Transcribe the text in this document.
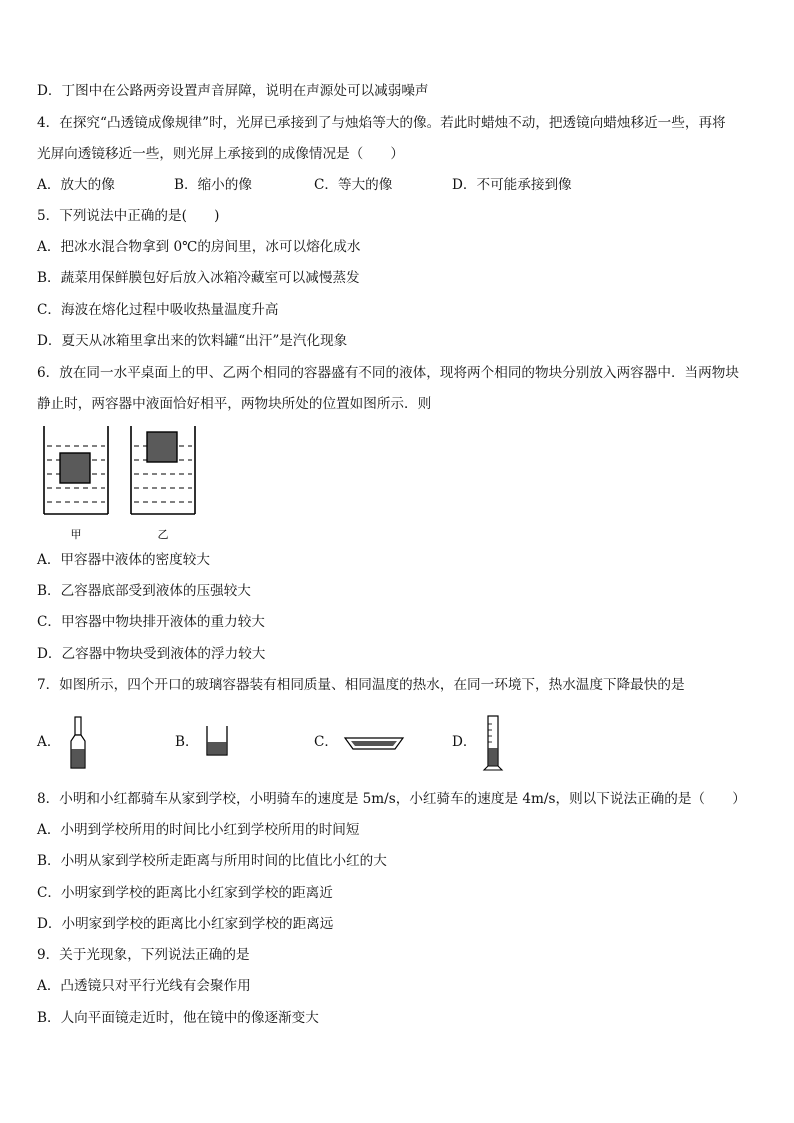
D．丁图中在公路两旁设置声音屏障，说明在声源处可以减弱噪声
4．在探究“凸透镜成像规律”时，光屏已承接到了与烛焰等大的像。若此时蜡烛不动，把透镜向蜡烛移近一些，再将
光屏向透镜移近一些，则光屏上承接到的成像情况是（　　）
A．放大的像	B．缩小的像	C．等大的像	D．不可能承接到像
5．下列说法中正确的是(　　)
A．把冰水混合物拿到 0℃的房间里，冰可以熔化成水
B．蔬菜用保鲜膜包好后放入冰箱冷藏室可以减慢蒸发
C．海波在熔化过程中吸收热量温度升高
D．夏天从冰箱里拿出来的饮料罐“出汗”是汽化现象
6．放在同一水平桌面上的甲、乙两个相同的容器盛有不同的液体，现将两个相同的物块分别放入两容器中．当两物块
静止时，两容器中液面恰好相平，两物块所处的位置如图所示．则
甲	乙
A．甲容器中液体的密度较大
B．乙容器底部受到液体的压强较大
C．甲容器中物块排开液体的重力较大
D．乙容器中物块受到液体的浮力较大
7．如图所示，四个开口的玻璃容器装有相同质量、相同温度的热水，在同一环境下，热水温度下降最快的是
A．	B．	C．	D．
8．小明和小红都骑车从家到学校，小明骑车的速度是 5m/s，小红骑车的速度是 4m/s，则以下说法正确的是（　　）
A．小明到学校所用的时间比小红到学校所用的时间短
B．小明从家到学校所走距离与所用时间的比值比小红的大
C．小明家到学校的距离比小红家到学校的距离近
D．小明家到学校的距离比小红家到学校的距离远
9．关于光现象，下列说法正确的是
A．凸透镜只对平行光线有会聚作用
B．人向平面镜走近时，他在镜中的像逐渐变大
